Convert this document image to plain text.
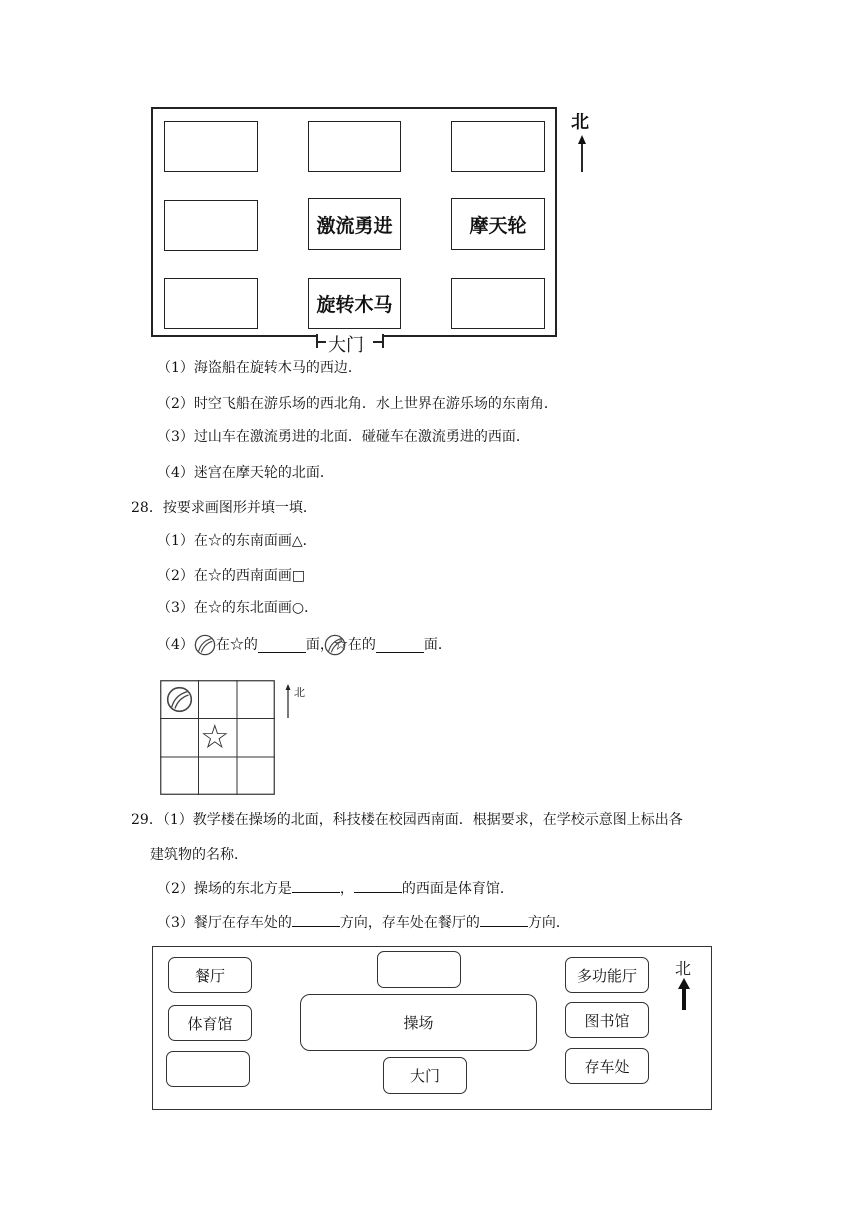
激流勇进	摩天轮
旋转木马
大门
北
（1）海盗船在旋转木马的西边．
（2）时空飞船在游乐场的西北角．水上世界在游乐场的东南角．
（3）过山车在激流勇进的北面．碰碰车在激流勇进的西面．
（4）迷宫在摩天轮的北面．
28．按要求画图形并填一填．
（1）在☆的东南面画△．
（2）在☆的西南面画□
（3）在☆的东北面画○．
（4） 在☆的	面，☆在的	面．
☆
北
29．（1）教学楼在操场的北面，科技楼在校园西南面．根据要求，在学校示意图上标出各
建筑物的名称．
（2）操场的东北方是	，	的西面是体育馆．
（3）餐厅在存车处的	方向，存车处在餐厅的	方向．
餐厅
体育馆	操场
大门
多功能厅
图书馆
存车处
北
